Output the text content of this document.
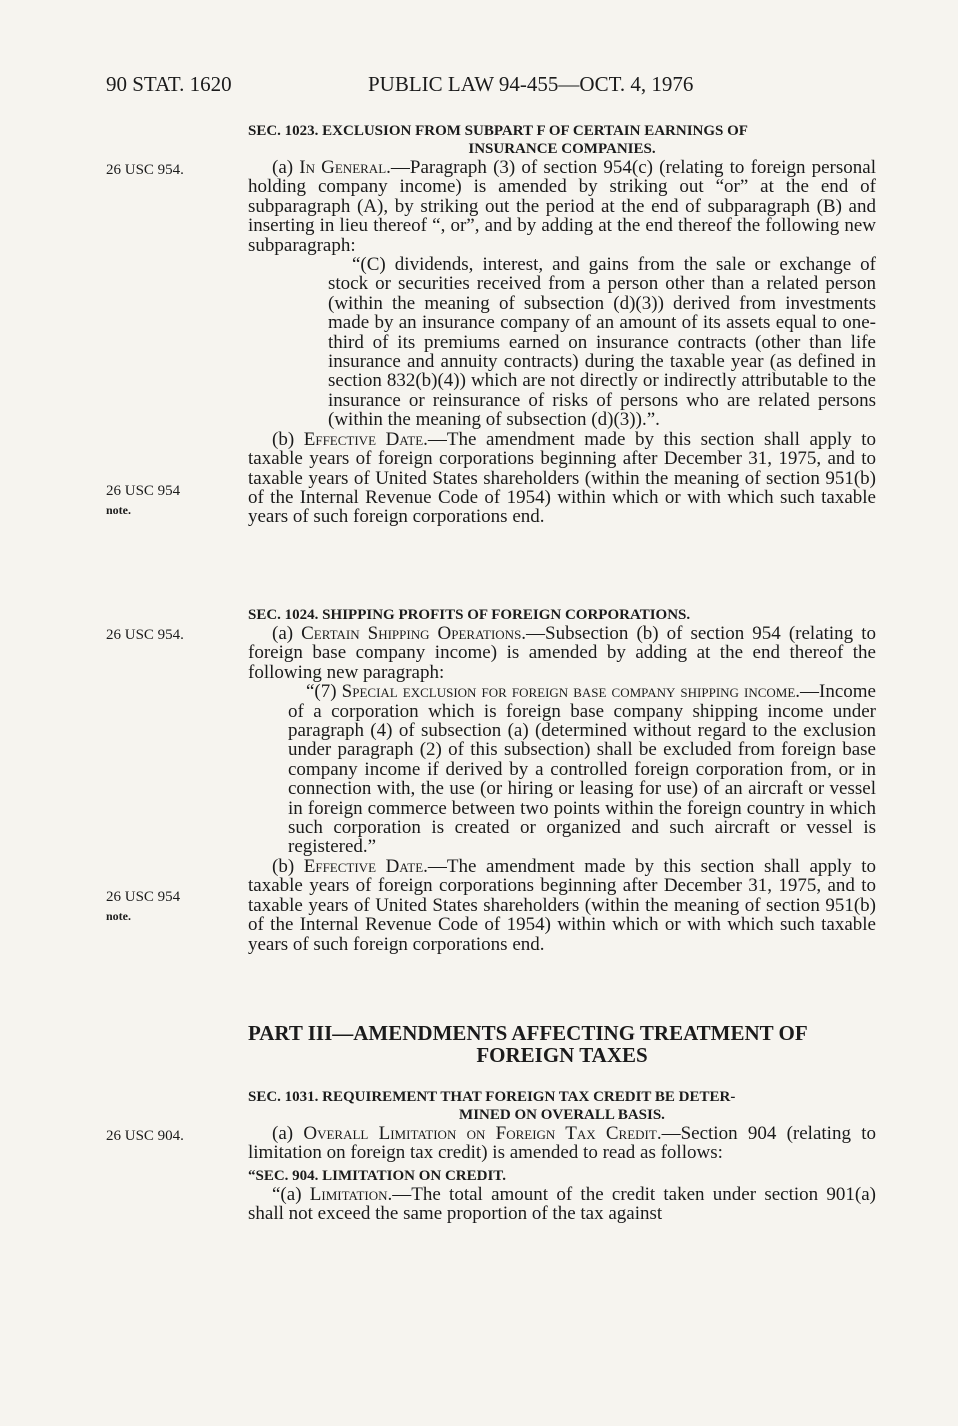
90 STAT. 1620	PUBLIC LAW 94-455—OCT. 4, 1976
26 USC 954.
26 USC 954
note.
26 USC 954.
26 USC 954
note.
26 USC 904.

SEC. 1023. EXCLUSION FROM SUBPART F OF CERTAIN EARNINGS OF
INSURANCE COMPANIES.

(a) In General.—Paragraph (3) of section 954(c) (relating to foreign personal holding company income) is amended by striking out “or” at the end of subparagraph (A), by striking out the period at the end of subparagraph (B) and inserting in lieu thereof “, or”, and by adding at the end thereof the following new subparagraph:

“(C) dividends, interest, and gains from the sale or exchange of stock or securities received from a person other than a related person (within the meaning of subsection (d)(3)) derived from investments made by an insurance company of an amount of its assets equal to one-third of its premiums earned on insurance contracts (other than life insurance and annuity contracts) during the taxable year (as defined in section 832(b)(4)) which are not directly or indirectly attributable to the insurance or reinsurance of risks of persons who are related persons (within the meaning of subsection (d)(3)).”.

(b) Effective Date.—The amendment made by this section shall apply to taxable years of foreign corporations beginning after December 31, 1975, and to taxable years of United States shareholders (within the meaning of section 951(b) of the Internal Revenue Code of 1954) within which or with which such taxable years of such foreign corporations end.

SEC. 1024. SHIPPING PROFITS OF FOREIGN CORPORATIONS.

(a) Certain Shipping Operations.—Subsection (b) of section 954 (relating to foreign base company income) is amended by adding at the end thereof the following new paragraph:

“(7) Special exclusion for foreign base company shipping income.—Income of a corporation which is foreign base company shipping income under paragraph (4) of subsection (a) (determined without regard to the exclusion under paragraph (2) of this subsection) shall be excluded from foreign base company income if derived by a controlled foreign corporation from, or in connection with, the use (or hiring or leasing for use) of an aircraft or vessel in foreign commerce between two points within the foreign country in which such corporation is created or organized and such aircraft or vessel is registered.”

(b) Effective Date.—The amendment made by this section shall apply to taxable years of foreign corporations beginning after December 31, 1975, and to taxable years of United States shareholders (within the meaning of section 951(b) of the Internal Revenue Code of 1954) within which or with which such taxable years of such foreign corporations end.

PART III—AMENDMENTS AFFECTING TREATMENT OF
FOREIGN TAXES

SEC. 1031. REQUIREMENT THAT FOREIGN TAX CREDIT BE DETER-
MINED ON OVERALL BASIS.

(a) Overall Limitation on Foreign Tax Credit.—Section 904 (relating to limitation on foreign tax credit) is amended to read as follows:

“SEC. 904. LIMITATION ON CREDIT.

“(a) Limitation.—The total amount of the credit taken under section 901(a) shall not exceed the same proportion of the tax against
